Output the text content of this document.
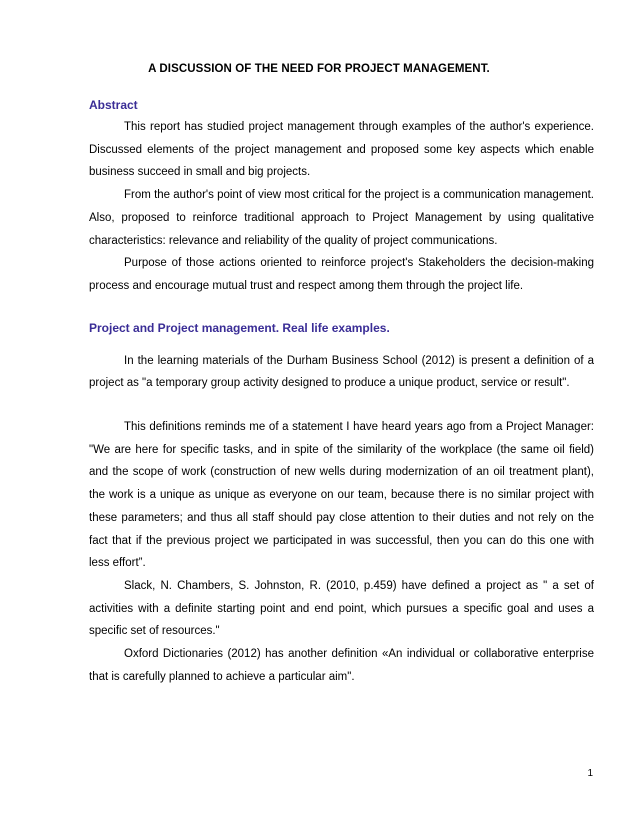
A DISCUSSION OF THE NEED FOR PROJECT MANAGEMENT.
Abstract

This report has studied project management through examples of the author's experience. Discussed elements of the project management and proposed some key aspects which enable business succeed in small and big projects.

From the author's point of view most critical for the project is a communication management. Also, proposed to reinforce traditional approach to Project Management by using qualitative characteristics: relevance and reliability of the quality of project communications.

Purpose of those actions oriented to reinforce project's Stakeholders the decision-making process and encourage mutual trust and respect among them through the project life.

Project and Project management. Real life examples.

In the learning materials of the Durham Business School (2012) is present a definition of a project as "a temporary group activity designed to produce a unique product, service or result".

This definitions reminds me of a statement I have heard years ago from a Project Manager: "We are here for specific tasks, and in spite of the similarity of the workplace (the same oil field) and the scope of work (construction of new wells during modernization of an oil treatment plant), the work is a unique as unique as everyone on our team, because there is no similar project with these parameters; and thus all staff should pay close attention to their duties and not rely on the fact that if the previous project we participated in was successful, then you can do this one with less effort”.

Slack, N. Chambers, S. Johnston, R. (2010, p.459) have defined a project as " a set of activities with a definite starting point and end point, which pursues a specific goal and uses a specific set of resources."

Oxford Dictionaries (2012) has another definition «An individual or collaborative enterprise that is carefully planned to achieve a particular aim".

1
